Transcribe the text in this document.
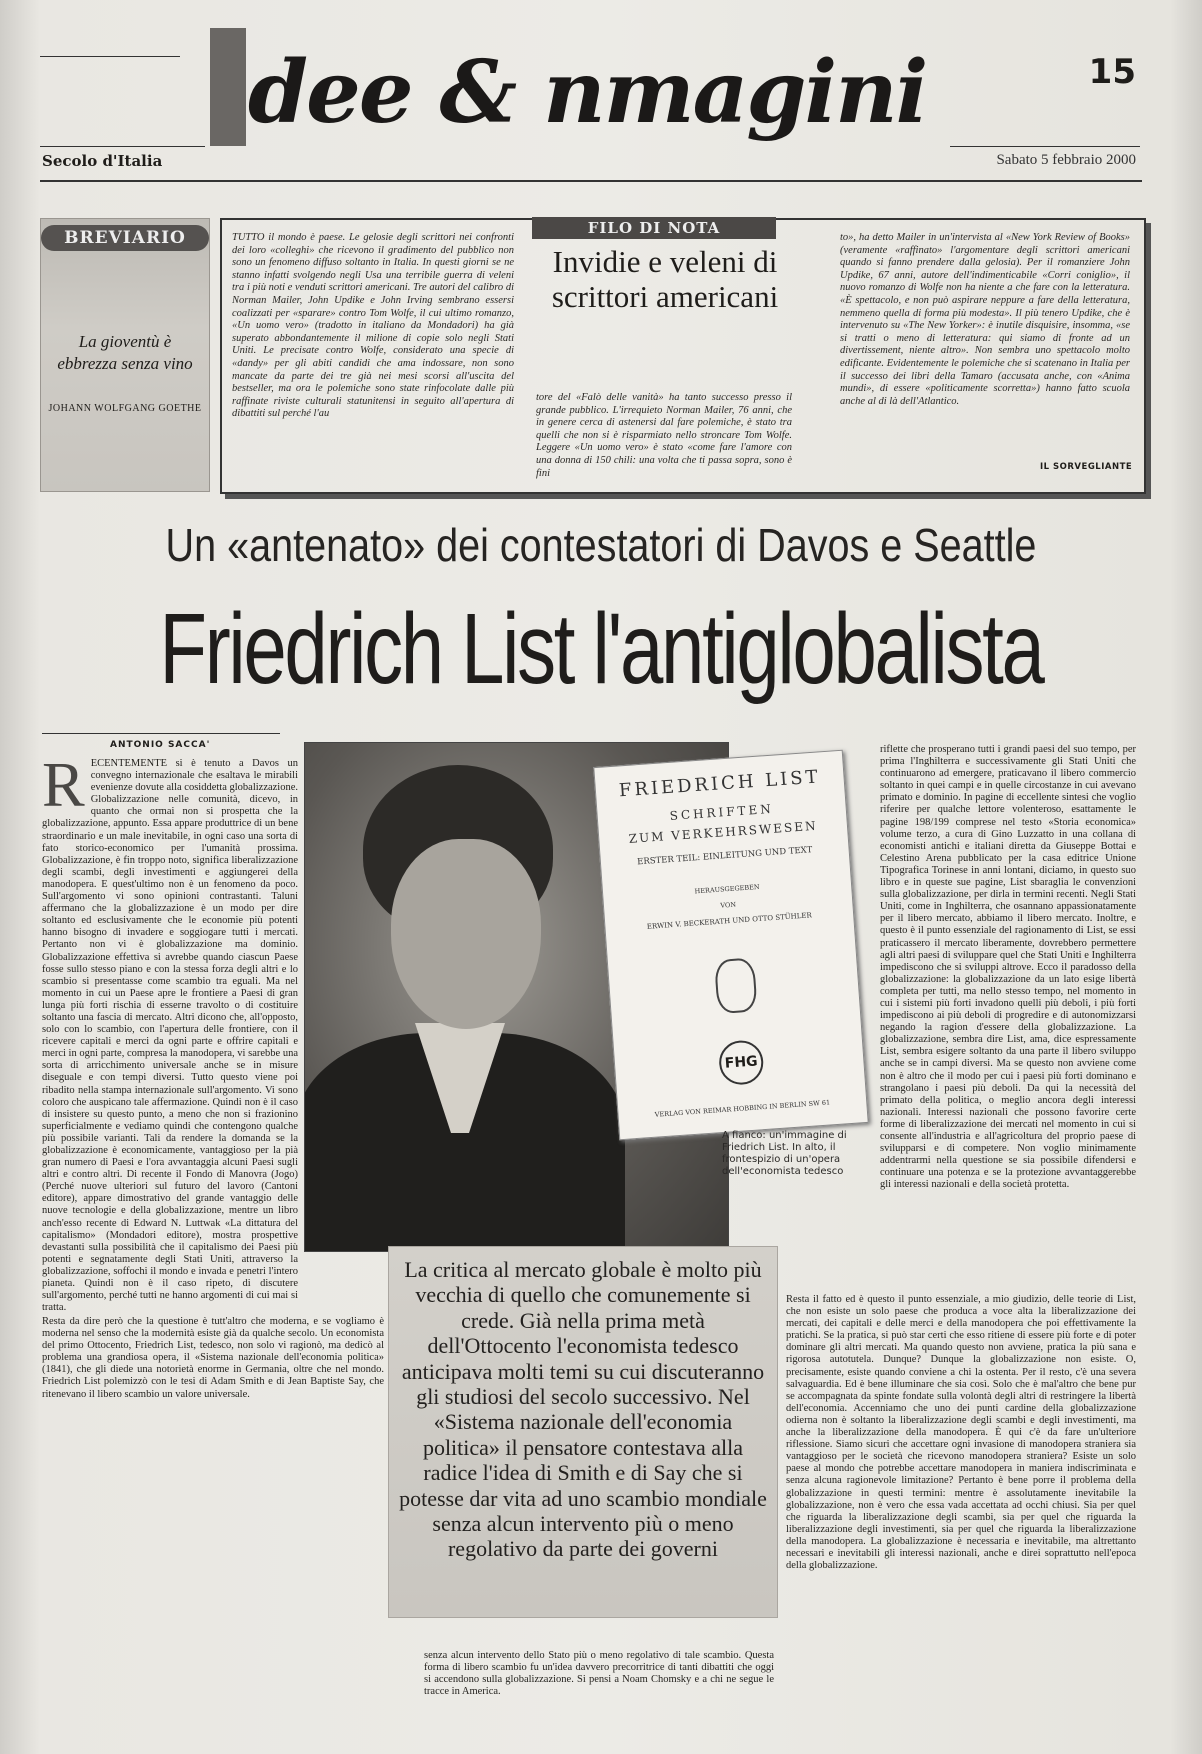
dee & nmagini	15
Secolo d'Italia	Sabato 5 febbraio 2000
BREVIARIO
La gioventù è ebbrezza senza vino
JOHANN WOLFGANG GOETHE
FILO DI NOTA
Invidie e veleni di scrittori americani
TUTTO il mondo è paese. Le gelosie degli scrittori nei confronti dei loro «colleghi» che ricevono il gradimento del pubblico non sono un fenomeno diffuso soltanto in Italia. In questi giorni se ne stanno infatti svolgendo negli Usa una terribile guerra di veleni tra i più noti e venduti scrittori americani. Tre autori del calibro di Norman Mailer, John Updike e John Irving sembrano essersi coalizzati per «sparare» contro Tom Wolfe, il cui ultimo romanzo, «Un uomo vero» (tradotto in italiano da Mondadori) ha già superato abbondantemente il milione di copie solo negli Stati Uniti. Le precisate contro Wolfe, considerato una specie di «dandy» per gli abiti candidi che ama indossare, non sono mancate da parte dei tre già nei mesi scorsi all'uscita del bestseller, ma ora le polemiche sono state rinfocolate dalle più raffinate riviste culturali statunitensi in seguito all'apertura di dibattiti sul perché l'au
tore del «Falò delle vanità» ha tanto successo presso il grande pubblico. L'irrequieto Norman Mailer, 76 anni, che in genere cerca di astenersi dal fare polemiche, è stato tra quelli che non si è risparmiato nello stroncare Tom Wolfe. Leggere «Un uomo vero» è stato «come fare l'amore con una donna di 150 chili: una volta che ti passa sopra, sono è fini
to», ha detto Mailer in un'intervista al «New York Review of Books» (veramente «raffinato» l'argomentare degli scrittori americani quando si fanno prendere dalla gelosia). Per il romanziere John Updike, 67 anni, autore dell'indimenticabile «Corri coniglio», il nuovo romanzo di Wolfe non ha niente a che fare con la letteratura. «È spettacolo, e non può aspirare neppure a fare della letteratura, nemmeno quella di forma più modesta». Il più tenero Updike, che è intervenuto su «The New Yorker»: è inutile disquisire, insomma, «se si tratti o meno di letteratura: qui siamo di fronte ad un divertissement, niente altro». Non sembra uno spettacolo molto edificante. Evidentemente le polemiche che si scatenano in Italia per il successo dei libri della Tamaro (accusata anche, con «Anima mundi», di essere «politicamente scorretta») hanno fatto scuola anche al di là dell'Atlantico.
IL SORVEGLIANTE
Un «antenato» dei contestatori di Davos e Seattle
Friedrich List l'antiglobalista
ANTONIO SACCA'
RECENTEMENTE si è tenuto a Davos un convegno internazionale che esaltava le mirabili evenienze dovute alla cosiddetta globalizzazione. Globalizzazione nelle comunità, dicevo, in quanto che ormai non si prospetta che la globalizzazione, appunto. Essa appare produttrice di un bene straordinario e un male inevitabile, in ogni caso una sorta di fato storico-economico per l'umanità prossima. Globalizzazione, è fin troppo noto, significa liberalizzazione degli scambi, degli investimenti e aggiungerei della manodopera. E quest'ultimo non è un fenomeno da poco. Sull'argomento vi sono opinioni contrastanti. Taluni affermano che la globalizzazione è un modo per dire soltanto ed esclusivamente che le economie più potenti hanno bisogno di invadere e soggiogare tutti i mercati. Pertanto non vi è globalizzazione ma dominio. Globalizzazione effettiva si avrebbe quando ciascun Paese fosse sullo stesso piano e con la stessa forza degli altri e lo scambio si presentasse come scambio tra eguali. Ma nel momento in cui un Paese apre le frontiere a Paesi di gran lunga più forti rischia di esserne travolto o di costituire soltanto una fascia di mercato. Altri dicono che, all'opposto, solo con lo scambio, con l'apertura delle frontiere, con il ricevere capitali e merci da ogni parte e offrire capitali e merci in ogni parte, compresa la manodopera, vi sarebbe una sorta di arricchimento universale anche se in misure diseguale e con tempi diversi. Tutto questo viene poi ribadito nella stampa internazionale sull'argomento. Vi sono coloro che auspicano tale affermazione. Quindi non è il caso di insistere su questo punto, a meno che non si frazionino superficialmente e vediamo quindi che contengono qualche più possibile varianti. Tali da rendere la domanda se la globalizzazione è economicamente, vantaggioso per la pià gran numero di Paesi e l'ora avvantaggia alcuni Paesi sugli altri e contro altri. Di recente il Fondo di Manovra (Jogo) (Perché nuove ulteriori sul futuro del lavoro (Cantoni editore), appare dimostrativo del grande vantaggio delle nuove tecnologie e della globalizzazione, mentre un libro anch'esso recente di Edward N. Luttwak «La dittatura del capitalismo» (Mondadori editore), mostra prospettive devastanti sulla possibilità che il capitalismo dei Paesi più potenti e segnatamente degli Stati Uniti, attraverso la globalizzazione, soffochi il mondo e invada e penetri l'intero pianeta. Quindi non è il caso ripeto, di discutere sull'argomento, perché tutti ne hanno argomenti di cui mai si tratta.
Resta da dire però che la questione è tutt'altro che moderna, e se vogliamo è moderna nel senso che la modernità esiste già da qualche secolo. Un economista del primo Ottocento, Friedrich List, tedesco, non solo vi ragionò, ma dedicò al problema una grandiosa opera, il «Sistema nazionale dell'economia politica» (1841), che gli diede una notorietà enorme in Germania, oltre che nel mondo. Friedrich List polemizzò con le tesi di Adam Smith e di Jean Baptiste Say, che ritenevano il libero scambio un valore universale.
FRIEDRICH LIST
SCHRIFTEN
ZUM VERKEHRSWESEN
ERSTER TEIL: EINLEITUNG UND TEXT
HERAUSGEGEBEN
VON
ERWIN V. BECKERATH UND OTTO STÜHLER
FHG
VERLAG VON REIMAR HOBBING IN BERLIN SW 61
A fianco: un'immagine di Friedrich List. In alto, il frontespizio di un'opera dell'economista tedesco
La critica al mercato globale è molto più vecchia di quello che comunemente si crede. Già nella prima metà dell'Ottocento l'economista tedesco anticipava molti temi su cui discuteranno gli studiosi del secolo successivo. Nel «Sistema nazionale dell'economia politica» il pensatore contestava alla radice l'idea di Smith e di Say che si potesse dar vita ad uno scambio mondiale senza alcun intervento più o meno regolativo da parte dei governi
senza alcun intervento dello Stato più o meno regolativo di tale scambio. Questa forma di libero scambio fu un'idea davvero precorritrice di tanti dibattiti che oggi si accendono sulla globalizzazione. Si pensi a Noam Chomsky e a chi ne segue le tracce in America.
riflette che prosperano tutti i grandi paesi del suo tempo, per prima l'Inghilterra e successivamente gli Stati Uniti che continuarono ad emergere, praticavano il libero commercio soltanto in quei campi e in quelle circostanze in cui avevano primato e dominio. In pagine di eccellente sintesi che voglio riferire per qualche lettore volenteroso, esattamente le pagine 198/199 comprese nel testo «Storia economica» volume terzo, a cura di Gino Luzzatto in una collana di economisti antichi e italiani diretta da Giuseppe Bottai e Celestino Arena pubblicato per la casa editrice Unione Tipografica Torinese in anni lontani, diciamo, in questo suo libro e in queste sue pagine, List sbaraglia le convenzioni sulla globalizzazione, per dirla in termini recenti. Negli Stati Uniti, come in Inghilterra, che osannano appassionatamente per il libero mercato, abbiamo il libero mercato. Inoltre, e questo è il punto essenziale del ragionamento di List, se essi praticassero il mercato liberamente, dovrebbero permettere agli altri paesi di sviluppare quel che Stati Uniti e Inghilterra impediscono che si sviluppi altrove. Ecco il paradosso della globalizzazione: la globalizzazione da un lato esige libertà completa per tutti, ma nello stesso tempo, nel momento in cui i sistemi più forti invadono quelli più deboli, i più forti impediscono ai più deboli di progredire e di autonomizzarsi negando la ragion d'essere della globalizzazione. La globalizzazione, sembra dire List, ama, dice espressamente List, sembra esigere soltanto da una parte il libero sviluppo anche se in campi diversi. Ma se questo non avviene come non è altro che il modo per cui i paesi più forti dominano e strangolano i paesi più deboli. Da qui la necessità del primato della politica, o meglio ancora degli interessi nazionali. Interessi nazionali che possono favorire certe forme di liberalizzazione dei mercati nel momento in cui si consente all'industria e all'agricoltura del proprio paese di svilupparsi e di competere. Non voglio minimamente addentrarmi nella questione se sia possibile difendersi e continuare una potenza e se la protezione avvantaggerebbe gli interessi nazionali e della società protetta.
Resta il fatto ed è questo il punto essenziale, a mio giudizio, delle teorie di List, che non esiste un solo paese che produca a voce alta la liberalizzazione dei mercati, dei capitali e delle merci e della manodopera che poi effettivamente la pratichi. Se la pratica, si può star certi che esso ritiene di essere più forte e di poter dominare gli altri mercati. Ma quando questo non avviene, pratica la più sana e rigorosa autotutela. Dunque? Dunque la globalizzazione non esiste. O, precisamente, esiste quando conviene a chi la ostenta. Per il resto, c'è una severa salvaguardia. Ed è bene illuminare che sia così. Solo che è mal'altro che bene pur se accompagnata da spinte fondate sulla volontà degli altri di restringere la libertà dell'economia. Accenniamo che uno dei punti cardine della globalizzazione odierna non è soltanto la liberalizzazione degli scambi e degli investimenti, ma anche la liberalizzazione della manodopera. È qui c'è da fare un'ulteriore riflessione. Siamo sicuri che accettare ogni invasione di manodopera straniera sia vantaggioso per le società che ricevono manodopera straniera? Esiste un solo paese al mondo che potrebbe accettare manodopera in maniera indiscriminata e senza alcuna ragionevole limitazione? Pertanto è bene porre il problema della globalizzazione in questi termini: mentre è assolutamente inevitabile la globalizzazione, non è vero che essa vada accettata ad occhi chiusi. Sia per quel che riguarda la liberalizzazione degli scambi, sia per quel che riguarda la liberalizzazione degli investimenti, sia per quel che riguarda la liberalizzazione della manodopera. La globalizzazione è necessaria e inevitabile, ma altrettanto necessari e inevitabili gli interessi nazionali, anche e direi soprattutto nell'epoca della globalizzazione.
